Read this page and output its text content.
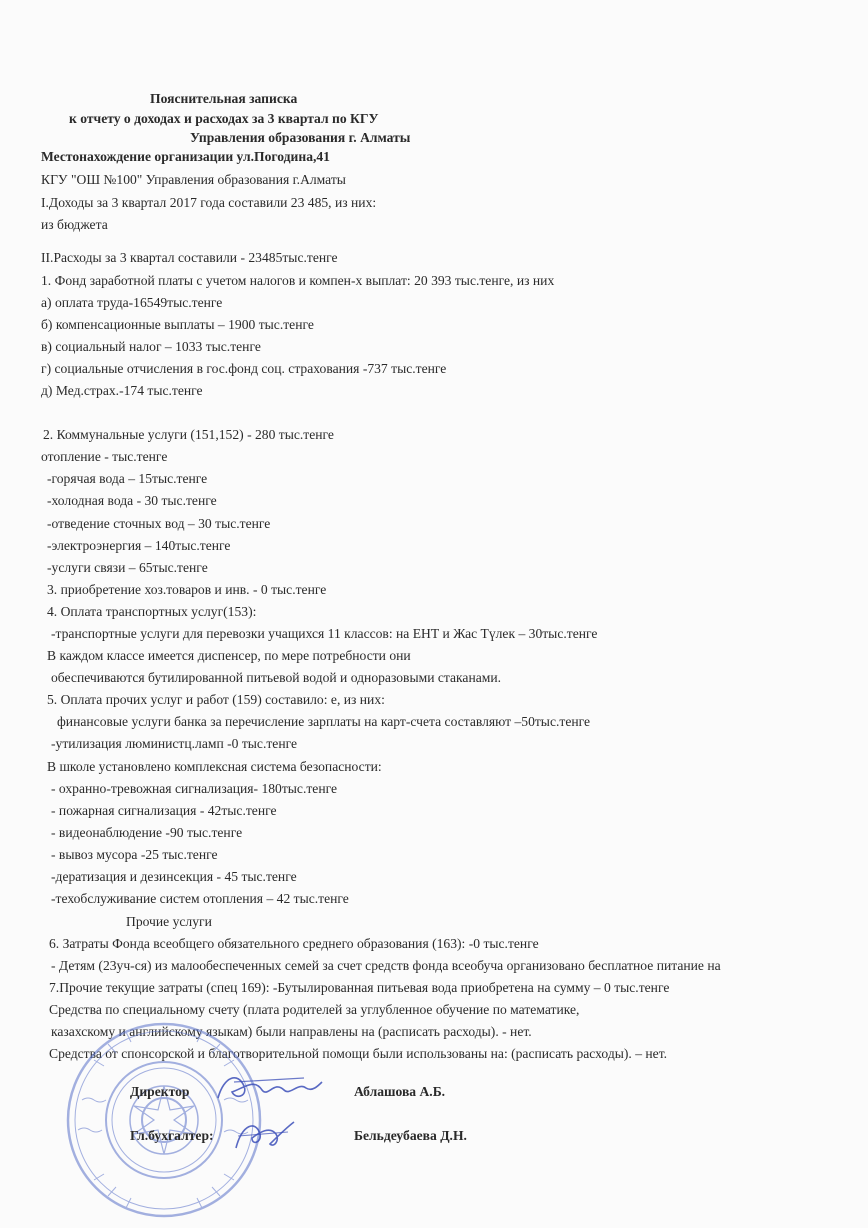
Пояснительная записка
к отчету о доходах и расходах за 3 квартал по КГУ
Управления образования г. Алматы
Местонахождение организации ул.Погодина,41
КГУ "ОШ №100" Управления образования г.Алматы
I.Доходы за 3 квартал 2017 года составили 23 485, из них:
из бюджета
II.Расходы за 3 квартал составили - 23485тыс.тенге
1. Фонд заработной платы с учетом налогов и компен-х выплат: 20 393 тыс.тенге, из них
а) оплата труда-16549тыс.тенге
б) компенсационные выплаты – 1900 тыс.тенге
в) социальный налог – 1033 тыс.тенге
г) социальные отчисления в гос.фонд соц. страхования -737 тыс.тенге
д) Мед.страх.-174 тыс.тенге
2. Коммунальные услуги (151,152) - 280 тыс.тенге
отопление - тыс.тенге
-горячая вода – 15тыс.тенге
-холодная вода - 30 тыс.тенге
-отведение сточных вод – 30 тыс.тенге
-электроэнергия – 140тыс.тенге
-услуги связи – 65тыс.тенге
3. приобретение хоз.товаров и инв. - 0 тыс.тенге
4. Оплата транспортных услуг(153):
-транспортные услуги для перевозки учащихся 11 классов: на ЕНТ и Жас Түлек – 30тыс.тенге
В каждом классе имеется диспенсер, по мере потребности они
обеспечиваются бутилированной питьевой водой и одноразовыми стаканами.
5. Оплата прочих услуг и работ (159) составило: е, из них:
финансовые услуги банка за перечисление зарплаты на карт-счета составляют –50тыс.тенге
-утилизация люминистц.ламп -0 тыс.тенге
В школе установлено комплексная система безопасности:
- охранно-тревожная сигнализация- 180тыс.тенге
- пожарная сигнализация - 42тыс.тенге
- видеонаблюдение -90 тыс.тенге
- вывоз мусора -25 тыс.тенге
-дератизация и дезинсекция - 45 тыс.тенге
-техобслуживание систем отопления – 42 тыс.тенге
Прочие услуги
6. Затраты Фонда всеобщего обязательного среднего образования (163): -0 тыс.тенге
- Детям (23уч-ся) из малообеспеченных семей за счет средств фонда всеобуча организовано бесплатное питание на
7.Прочие текущие затраты (спец 169): -Бутылированная питьевая вода приобретена на сумму – 0 тыс.тенге
Средства по специальному счету (плата родителей за углубленное обучение по математике,
казахскому и английскому языкам) были направлены на (расписать расходы). - нет.
Средства от спонсорской и благотворительной помощи были использованы на: (расписать расходы). – нет.
Директор	Аблашова А.Б.
Гл.бухгалтер:	Бельдеубаева Д.Н.
